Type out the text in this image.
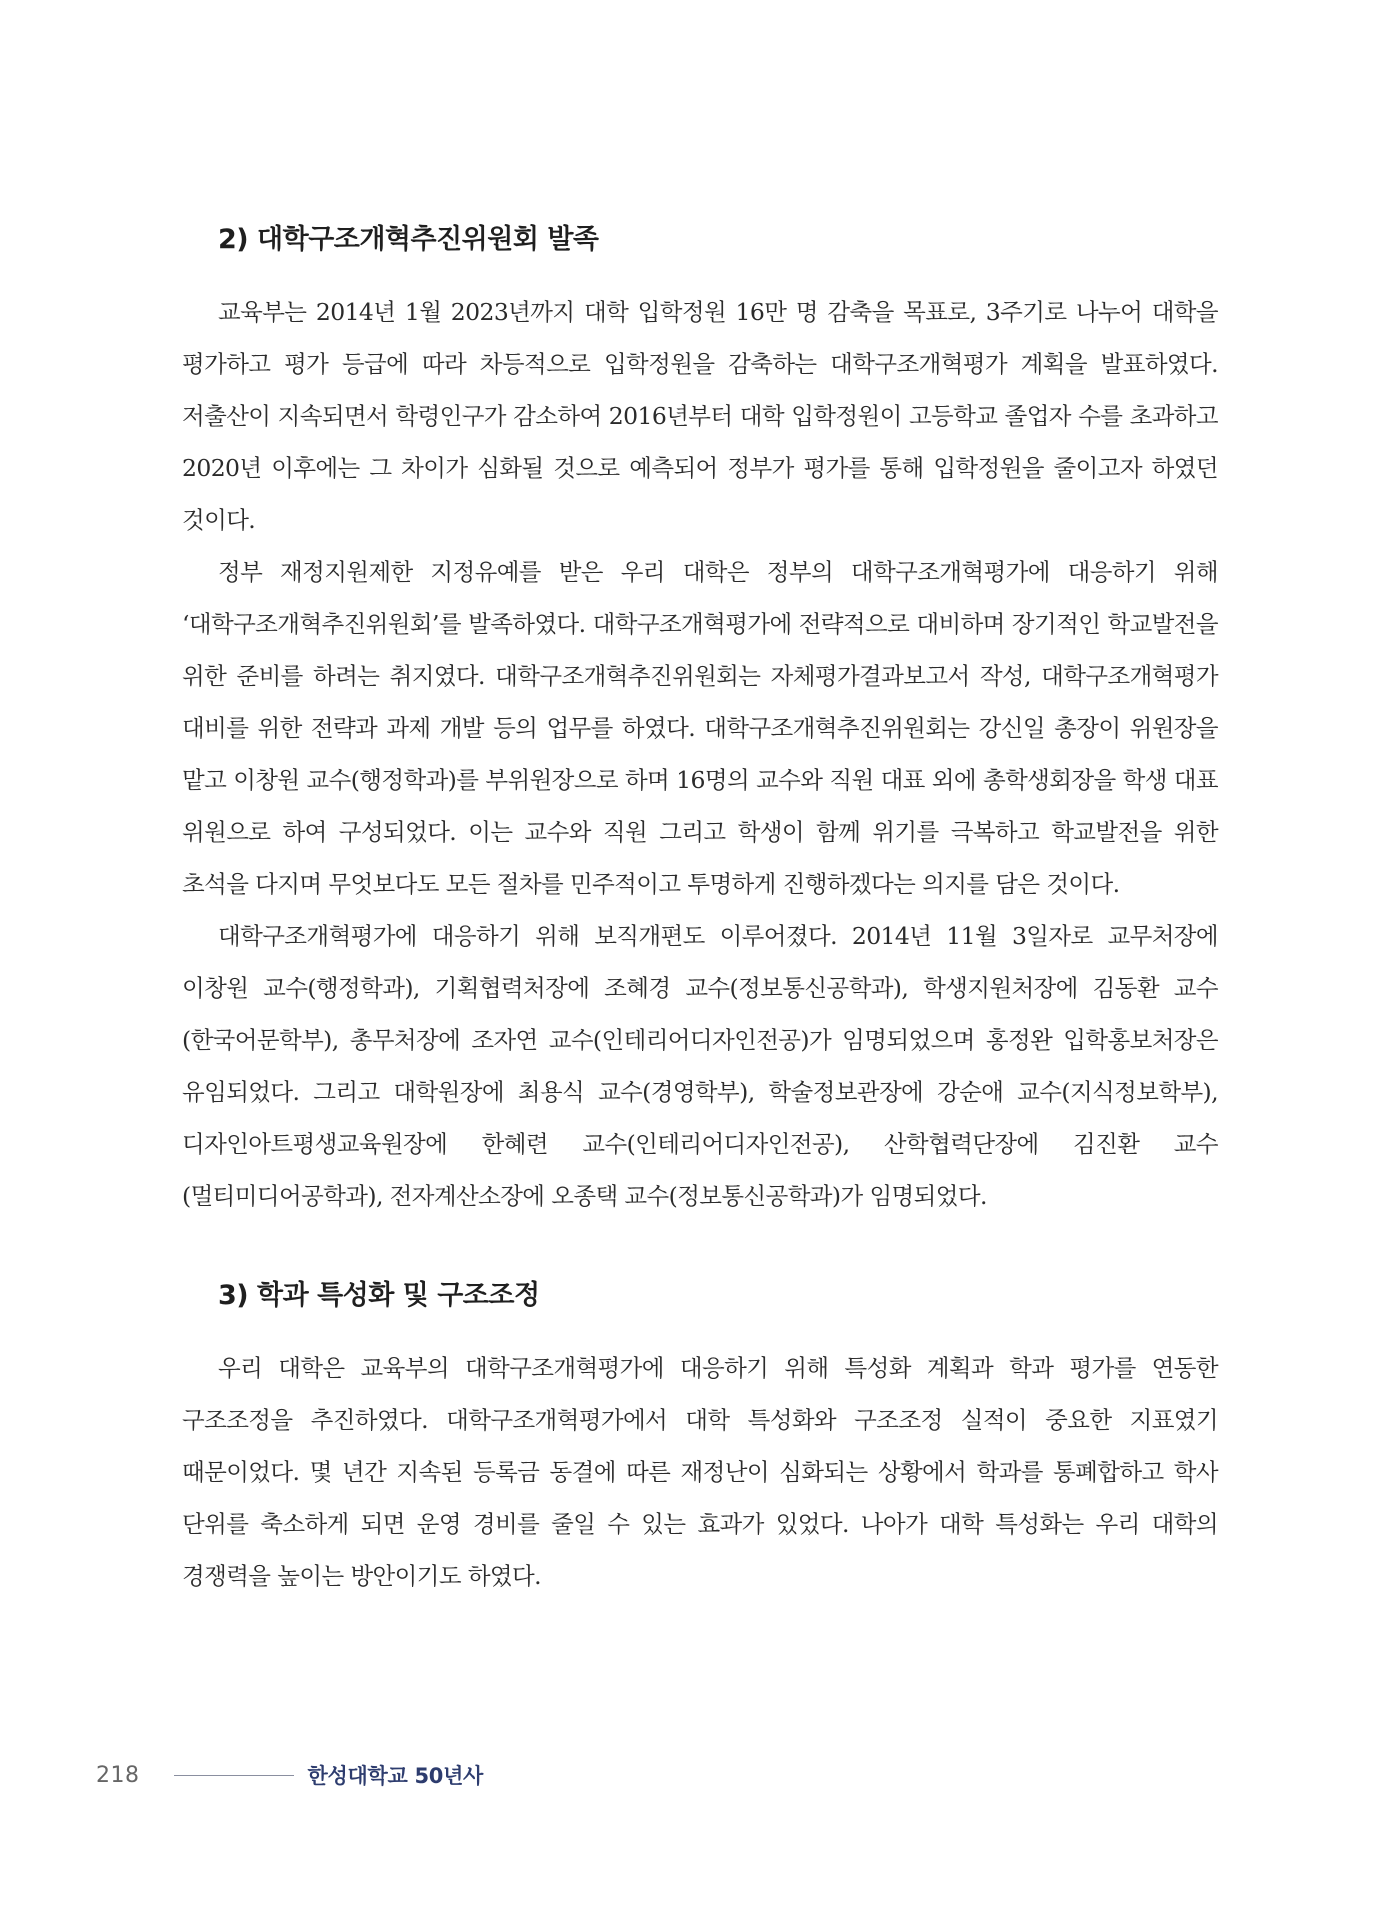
2) 대학구조개혁추진위원회 발족

교육부는 2014년 1월 2023년까지 대학 입학정원 16만 명 감축을 목표로, 3주기로 나누어 대학을 평가하고 평가 등급에 따라 차등적으로 입학정원을 감축하는 대학구조개혁평가 계획을 발표하였다. 저출산이 지속되면서 학령인구가 감소하여 2016년부터 대학 입학정원이 고등학교 졸업자 수를 초과하고 2020년 이후에는 그 차이가 심화될 것으로 예측되어 정부가 평가를 통해 입학정원을 줄이고자 하였던 것이다.

정부 재정지원제한 지정유예를 받은 우리 대학은 정부의 대학구조개혁평가에 대응하기 위해 ‘대학구조개혁추진위원회’를 발족하였다. 대학구조개혁평가에 전략적으로 대비하며 장기적인 학교발전을 위한 준비를 하려는 취지였다. 대학구조개혁추진위원회는 자체평가결과보고서 작성, 대학구조개혁평가 대비를 위한 전략과 과제 개발 등의 업무를 하였다. 대학구조개혁추진위원회는 강신일 총장이 위원장을 맡고 이창원 교수(행정학과)를 부위원장으로 하며 16명의 교수와 직원 대표 외에 총학생회장을 학생 대표 위원으로 하여 구성되었다. 이는 교수와 직원 그리고 학생이 함께 위기를 극복하고 학교발전을 위한 초석을 다지며 무엇보다도 모든 절차를 민주적이고 투명하게 진행하겠다는 의지를 담은 것이다.

대학구조개혁평가에 대응하기 위해 보직개편도 이루어졌다. 2014년 11월 3일자로 교무처장에 이창원 교수(행정학과), 기획협력처장에 조혜경 교수(정보통신공학과), 학생지원처장에 김동환 교수(한국어문학부), 총무처장에 조자연 교수(인테리어디자인전공)가 임명되었으며 홍정완 입학홍보처장은 유임되었다. 그리고 대학원장에 최용식 교수(경영학부), 학술정보관장에 강순애 교수(지식정보학부), 디자인아트평생교육원장에 한혜련 교수(인테리어디자인전공), 산학협력단장에 김진환 교수(멀티미디어공학과), 전자계산소장에 오종택 교수(정보통신공학과)가 임명되었다.

3) 학과 특성화 및 구조조정

우리 대학은 교육부의 대학구조개혁평가에 대응하기 위해 특성화 계획과 학과 평가를 연동한 구조조정을 추진하였다. 대학구조개혁평가에서 대학 특성화와 구조조정 실적이 중요한 지표였기 때문이었다. 몇 년간 지속된 등록금 동결에 따른 재정난이 심화되는 상황에서 학과를 통폐합하고 학사 단위를 축소하게 되면 운영 경비를 줄일 수 있는 효과가 있었다. 나아가 대학 특성화는 우리 대학의 경쟁력을 높이는 방안이기도 하였다.

218	한성대학교 50년사
